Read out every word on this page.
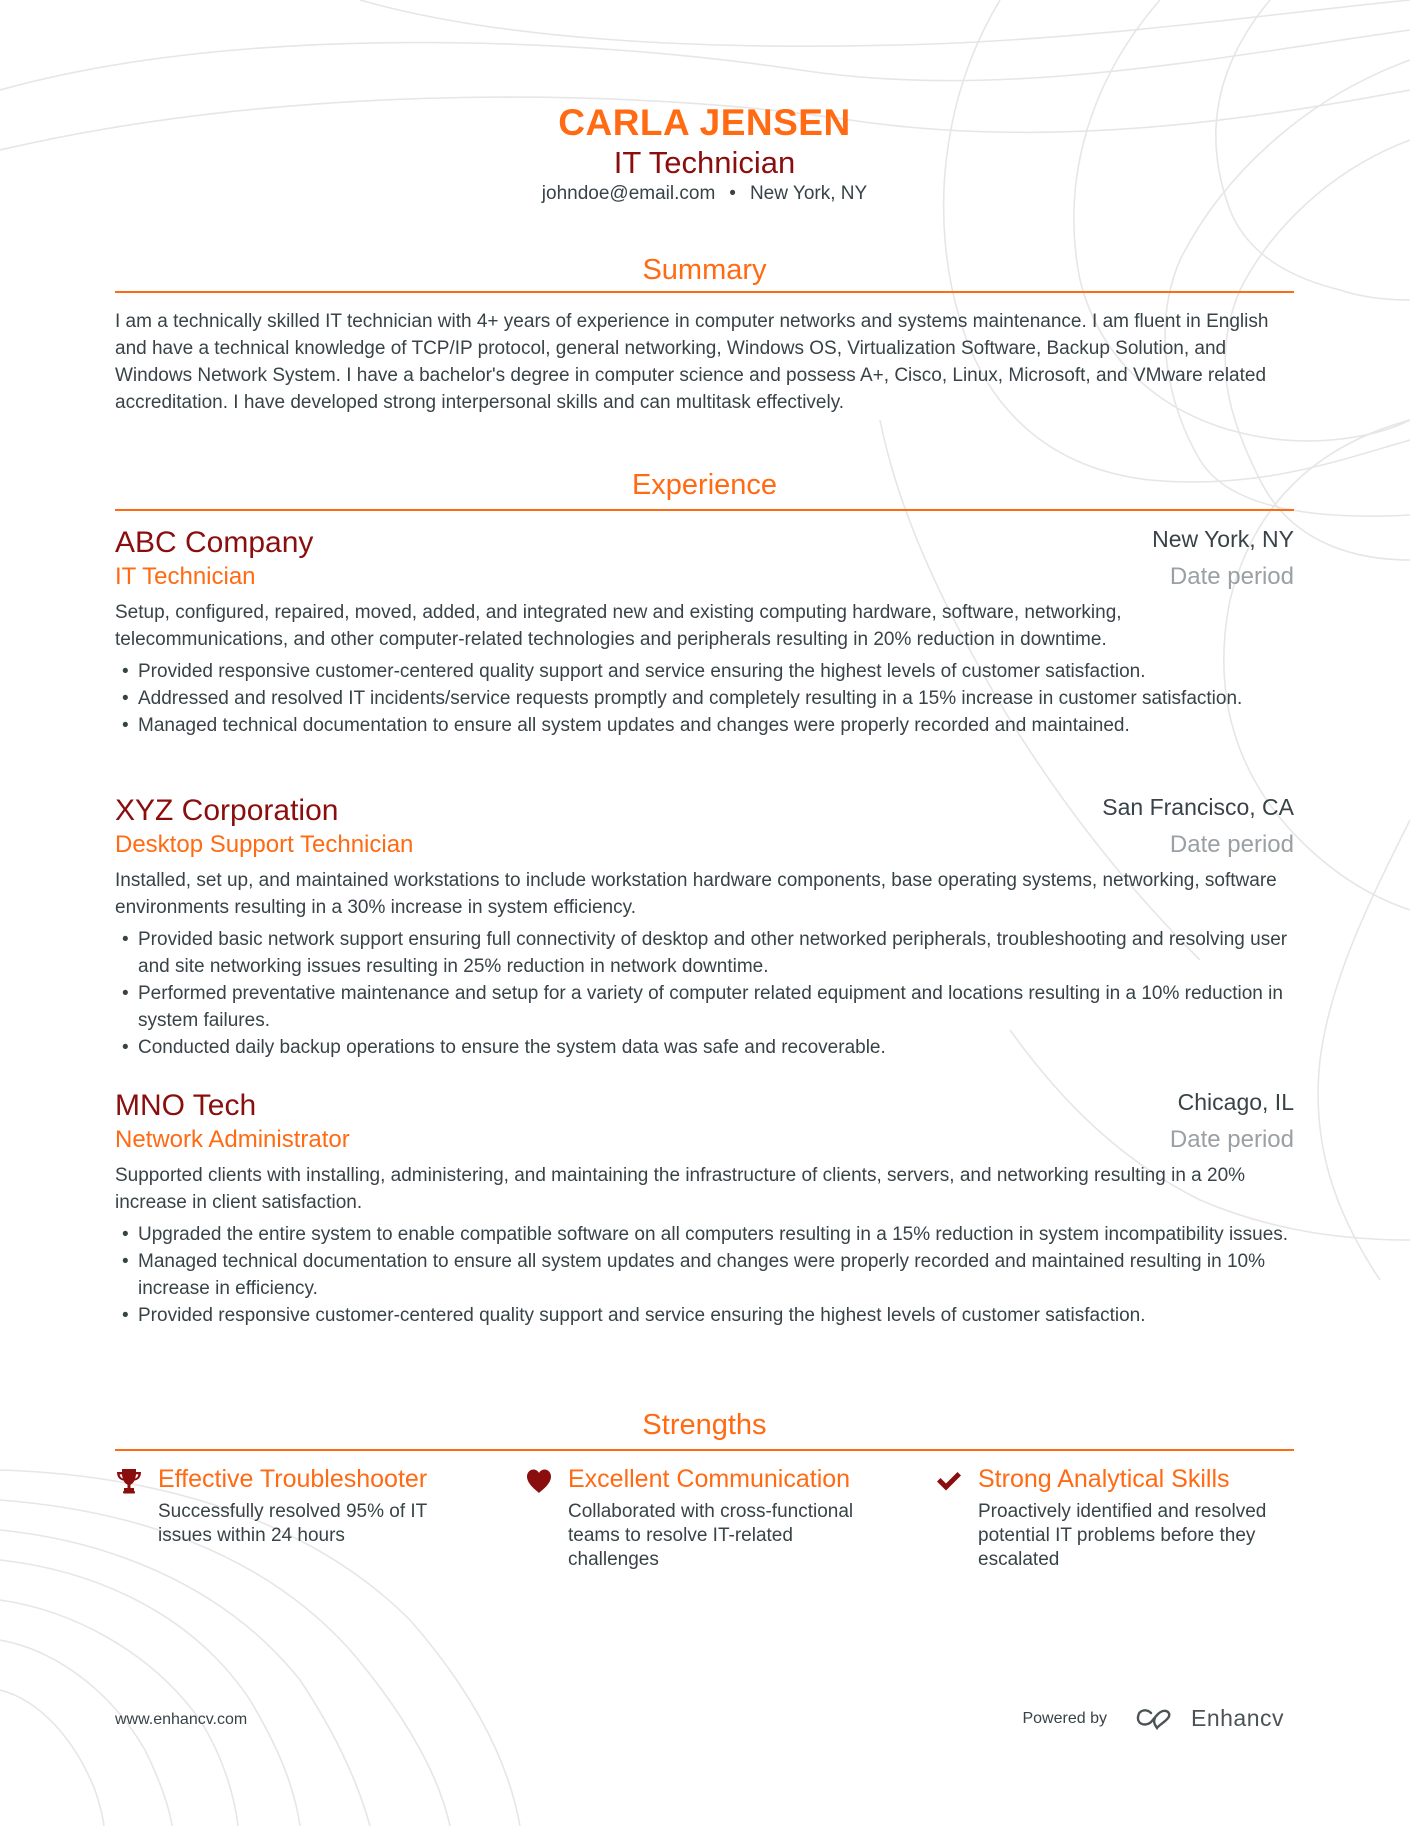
CARLA JENSEN
IT Technician
johndoe@email.com • New York, NY
Summary
I am a technically skilled IT technician with 4+ years of experience in computer networks and systems maintenance. I am fluent in English and have a technical knowledge of TCP/IP protocol, general networking, Windows OS, Virtualization Software, Backup Solution, and Windows Network System. I have a bachelor's degree in computer science and possess A+, Cisco, Linux, Microsoft, and VMware related accreditation. I have developed strong interpersonal skills and can multitask effectively.
Experience
ABC Company	New York, NY
IT Technician	Date period
Setup, configured, repaired, moved, added, and integrated new and existing computing hardware, software, networking, telecommunications, and other computer-related technologies and peripherals resulting in 20% reduction in downtime.
• Provided responsive customer-centered quality support and service ensuring the highest levels of customer satisfaction.
• Addressed and resolved IT incidents/service requests promptly and completely resulting in a 15% increase in customer satisfaction.
• Managed technical documentation to ensure all system updates and changes were properly recorded and maintained.
XYZ Corporation	San Francisco, CA
Desktop Support Technician	Date period
Installed, set up, and maintained workstations to include workstation hardware components, base operating systems, networking, software environments resulting in a 30% increase in system efficiency.
• Provided basic network support ensuring full connectivity of desktop and other networked peripherals, troubleshooting and resolving user and site networking issues resulting in 25% reduction in network downtime.
• Performed preventative maintenance and setup for a variety of computer related equipment and locations resulting in a 10% reduction in system failures.
• Conducted daily backup operations to ensure the system data was safe and recoverable.
MNO Tech	Chicago, IL
Network Administrator	Date period
Supported clients with installing, administering, and maintaining the infrastructure of clients, servers, and networking resulting in a 20% increase in client satisfaction.
• Upgraded the entire system to enable compatible software on all computers resulting in a 15% reduction in system incompatibility issues.
• Managed technical documentation to ensure all system updates and changes were properly recorded and maintained resulting in 10% increase in efficiency.
• Provided responsive customer-centered quality support and service ensuring the highest levels of customer satisfaction.
Strengths
Effective Troubleshooter
Successfully resolved 95% of IT issues within 24 hours
Excellent Communication
Collaborated with cross-functional teams to resolve IT-related challenges
Strong Analytical Skills
Proactively identified and resolved potential IT problems before they escalated
www.enhancv.com	Powered by	Enhancv
